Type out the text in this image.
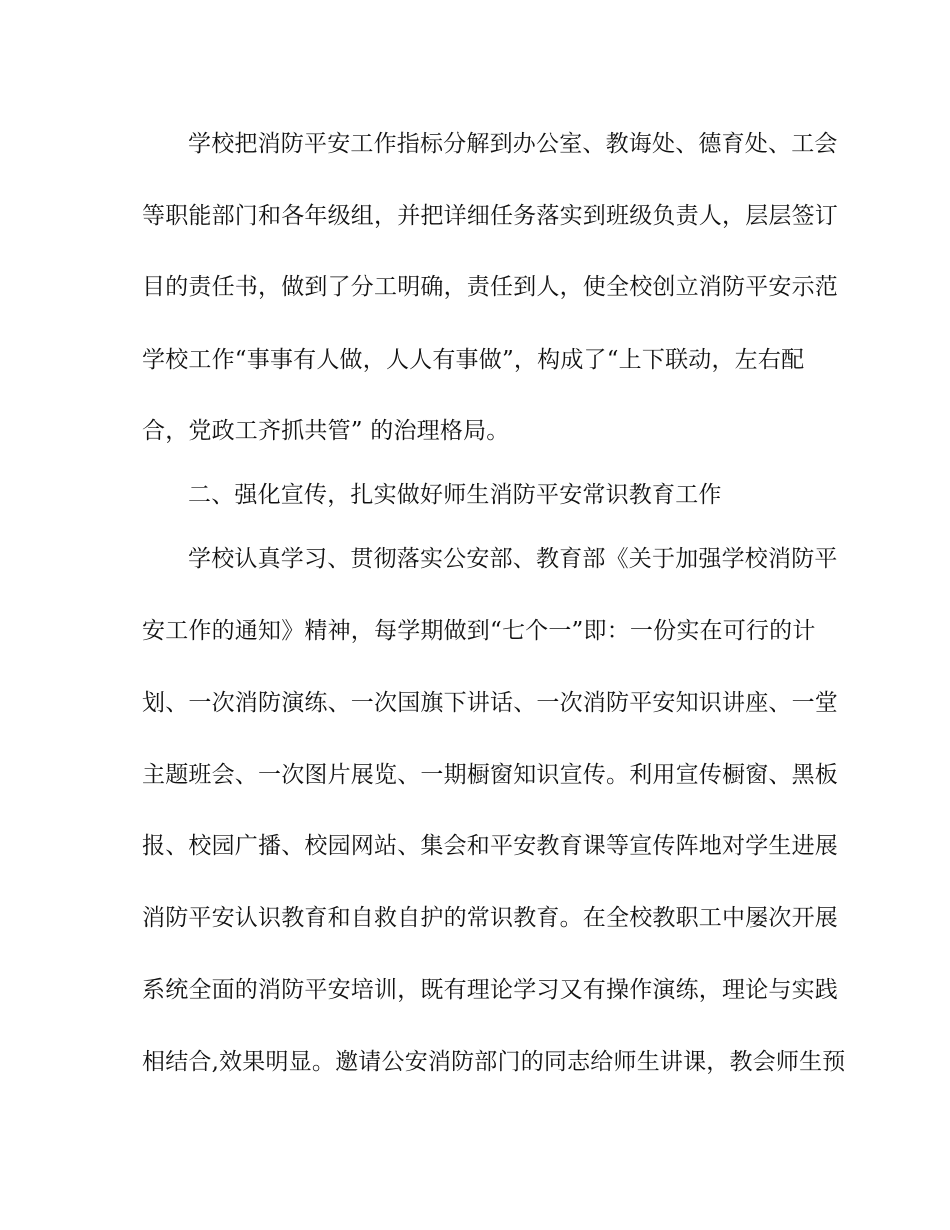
学校把消防平安工作指标分解到办公室、教诲处、德育处、工会
等职能部门和各年级组，并把详细任务落实到班级负责人，层层签订
目的责任书，做到了分工明确，责任到人，使全校创立消防平安示范
学校工作“事事有人做，人人有事做”，构成了“上下联动，左右配
合，党政工齐抓共管” 的治理格局。
二、强化宣传，扎实做好师生消防平安常识教育工作
学校认真学习、贯彻落实公安部、教育部《关于加强学校消防平
安工作的通知》精神，每学期做到“七个一”即：一份实在可行的计
划、一次消防演练、一次国旗下讲话、一次消防平安知识讲座、一堂
主题班会、一次图片展览、一期橱窗知识宣传。利用宣传橱窗、黑板
报、校园广播、校园网站、集会和平安教育课等宣传阵地对学生进展
消防平安认识教育和自救自护的常识教育。在全校教职工中屡次开展
系统全面的消防平安培训，既有理论学习又有操作演练，理论与实践
相结合,效果明显。邀请公安消防部门的同志给师生讲课，教会师生预
